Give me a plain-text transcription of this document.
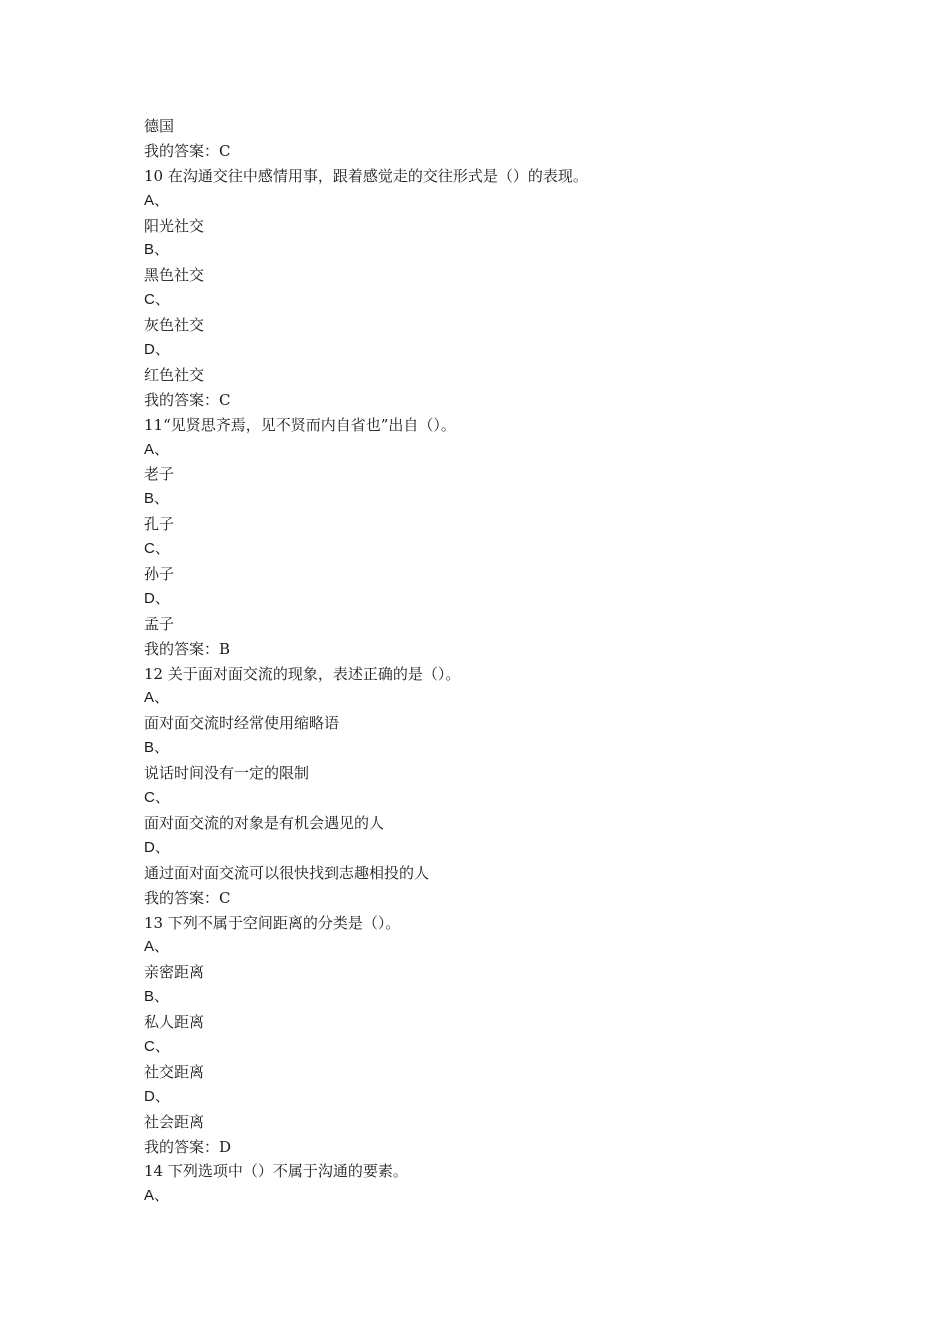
德国
我的答案：C
10 在沟通交往中感情用事，跟着感觉走的交往形式是（）的表现。
A、
阳光社交
B、
黑色社交
C、
灰色社交
D、
红色社交
我的答案：C
11“见贤思齐焉，见不贤而内自省也”出自（）。
A、
老子
B、
孔子
C、
孙子
D、
孟子
我的答案：B
12 关于面对面交流的现象，表述正确的是（）。
A、
面对面交流时经常使用缩略语
B、
说话时间没有一定的限制
C、
面对面交流的对象是有机会遇见的人
D、
通过面对面交流可以很快找到志趣相投的人
我的答案：C
13 下列不属于空间距离的分类是（）。
A、
亲密距离
B、
私人距离
C、
社交距离
D、
社会距离
我的答案：D
14 下列选项中（）不属于沟通的要素。
A、
